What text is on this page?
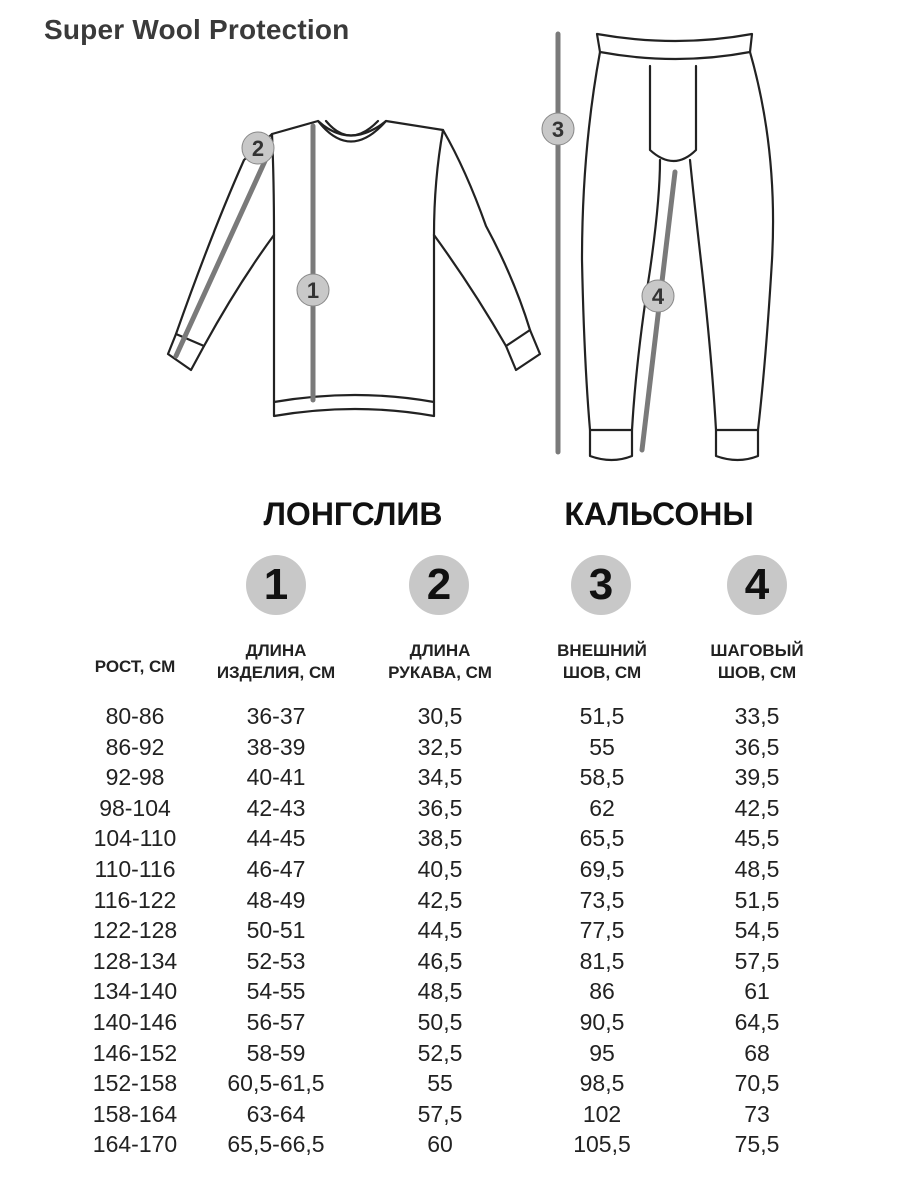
Super Wool Protection
1
2
3
4
ЛОНГСЛИВ	КАЛЬСОНЫ
1	2	3	4
РОСТ, СМ
ДЛИНА
ИЗДЕЛИЯ, СМ
ДЛИНА
РУКАВА, СМ
ВНЕШНИЙ
ШОВ, СМ
ШАГОВЫЙ
ШОВ, СМ
80-86	36-37	30,5	51,5	33,5
86-92	38-39	32,5	55	36,5
92-98	40-41	34,5	58,5	39,5
98-104	42-43	36,5	62	42,5
104-110	44-45	38,5	65,5	45,5
110-116	46-47	40,5	69,5	48,5
116-122	48-49	42,5	73,5	51,5
122-128	50-51	44,5	77,5	54,5
128-134	52-53	46,5	81,5	57,5
134-140	54-55	48,5	86	61
140-146	56-57	50,5	90,5	64,5
146-152	58-59	52,5	95	68
152-158	60,5-61,5	55	98,5	70,5
158-164	63-64	57,5	102	73
164-170	65,5-66,5	60	105,5	75,5
